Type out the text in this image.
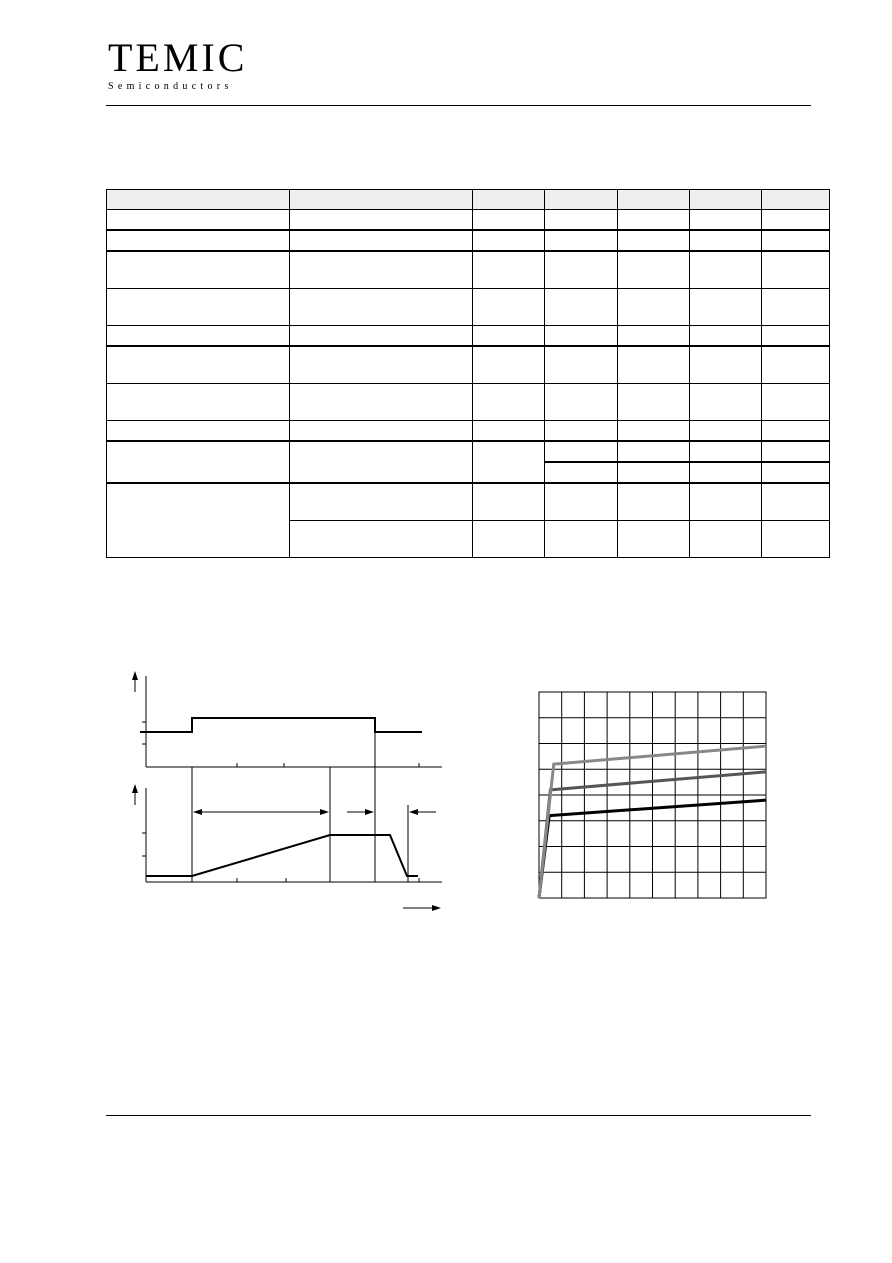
TEMIC
Semiconductors
